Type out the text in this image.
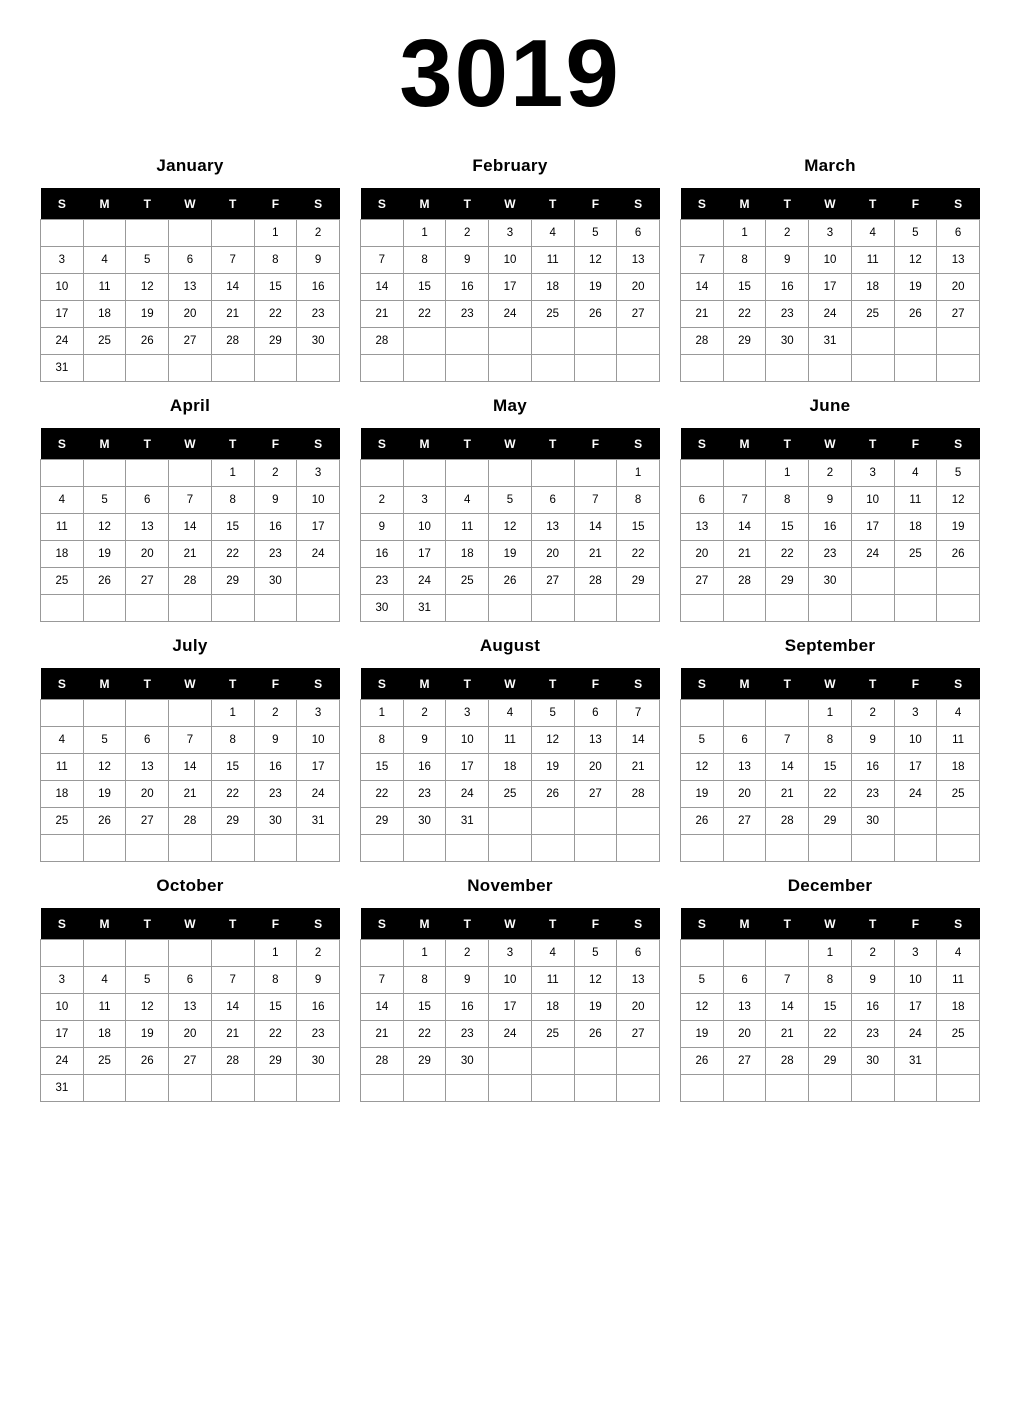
3019
January
S	M	T	W	T	F	S
					1	2
3	4	5	6	7	8	9
10	11	12	13	14	15	16
17	18	19	20	21	22	23
24	25	26	27	28	29	30
31						
February
S	M	T	W	T	F	S
	1	2	3	4	5	6
7	8	9	10	11	12	13
14	15	16	17	18	19	20
21	22	23	24	25	26	27
28						

March
S	M	T	W	T	F	S
	1	2	3	4	5	6
7	8	9	10	11	12	13
14	15	16	17	18	19	20
21	22	23	24	25	26	27
28	29	30	31			

April
S	M	T	W	T	F	S
				1	2	3
4	5	6	7	8	9	10
11	12	13	14	15	16	17
18	19	20	21	22	23	24
25	26	27	28	29	30	

May
S	M	T	W	T	F	S
						1
2	3	4	5	6	7	8
9	10	11	12	13	14	15
16	17	18	19	20	21	22
23	24	25	26	27	28	29
30	31					
June
S	M	T	W	T	F	S
		1	2	3	4	5
6	7	8	9	10	11	12
13	14	15	16	17	18	19
20	21	22	23	24	25	26
27	28	29	30			

July
S	M	T	W	T	F	S
				1	2	3
4	5	6	7	8	9	10
11	12	13	14	15	16	17
18	19	20	21	22	23	24
25	26	27	28	29	30	31

August
S	M	T	W	T	F	S
1	2	3	4	5	6	7
8	9	10	11	12	13	14
15	16	17	18	19	20	21
22	23	24	25	26	27	28
29	30	31				

September
S	M	T	W	T	F	S
			1	2	3	4
5	6	7	8	9	10	11
12	13	14	15	16	17	18
19	20	21	22	23	24	25
26	27	28	29	30		

October
S	M	T	W	T	F	S
					1	2
3	4	5	6	7	8	9
10	11	12	13	14	15	16
17	18	19	20	21	22	23
24	25	26	27	28	29	30
31						
November
S	M	T	W	T	F	S
	1	2	3	4	5	6
7	8	9	10	11	12	13
14	15	16	17	18	19	20
21	22	23	24	25	26	27
28	29	30				

December
S	M	T	W	T	F	S
			1	2	3	4
5	6	7	8	9	10	11
12	13	14	15	16	17	18
19	20	21	22	23	24	25
26	27	28	29	30	31	
